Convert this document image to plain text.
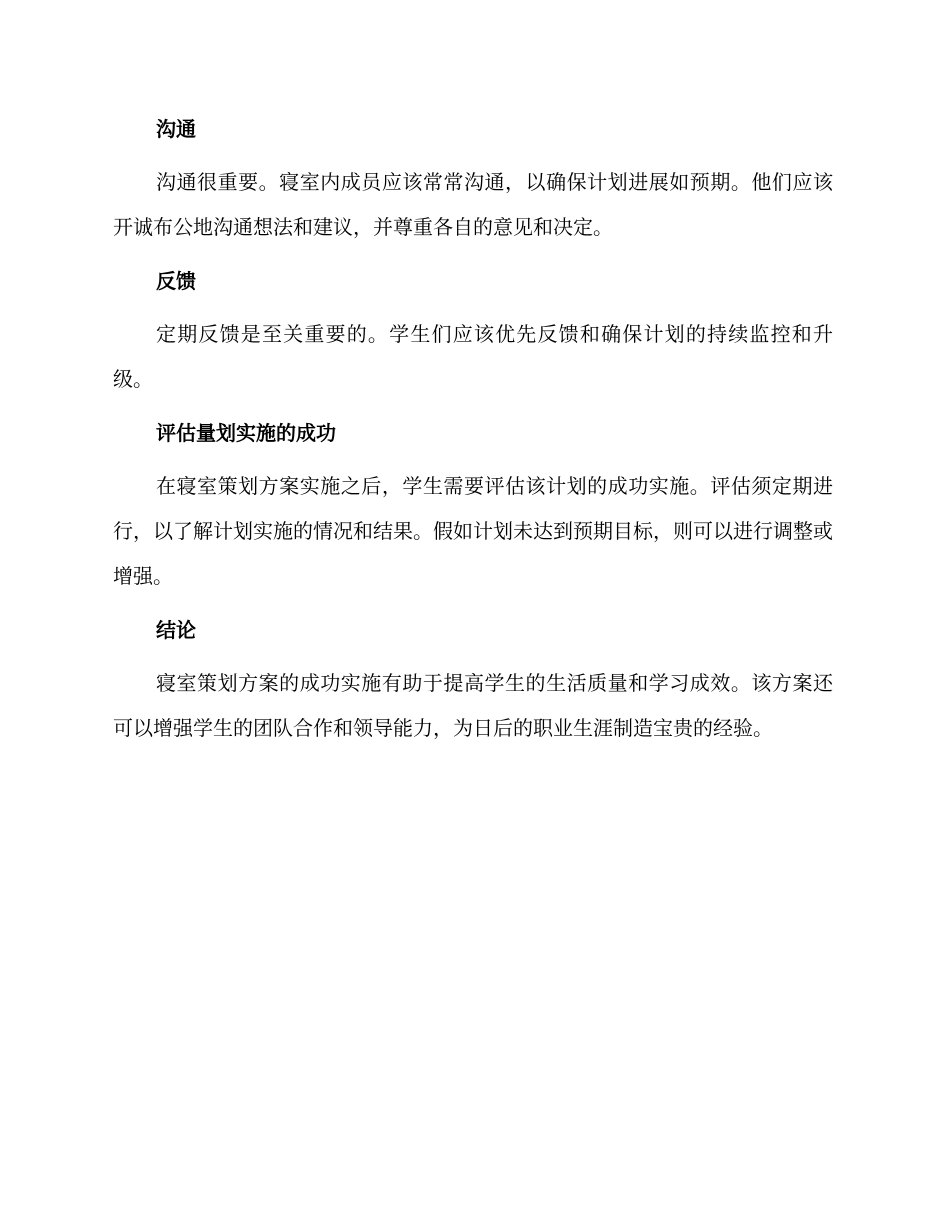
沟通

沟通很重要。寝室内成员应该常常沟通，以确保计划进展如预期。他们应该开诚布公地沟通想法和建议，并尊重各自的意见和决定。

反馈

定期反馈是至关重要的。学生们应该优先反馈和确保计划的持续监控和升级。

评估量划实施的成功

在寝室策划方案实施之后，学生需要评估该计划的成功实施。评估须定期进行，以了解计划实施的情况和结果。假如计划未达到预期目标，则可以进行调整或增强。

结论

寝室策划方案的成功实施有助于提高学生的生活质量和学习成效。该方案还可以增强学生的团队合作和领导能力，为日后的职业生涯制造宝贵的经验。
